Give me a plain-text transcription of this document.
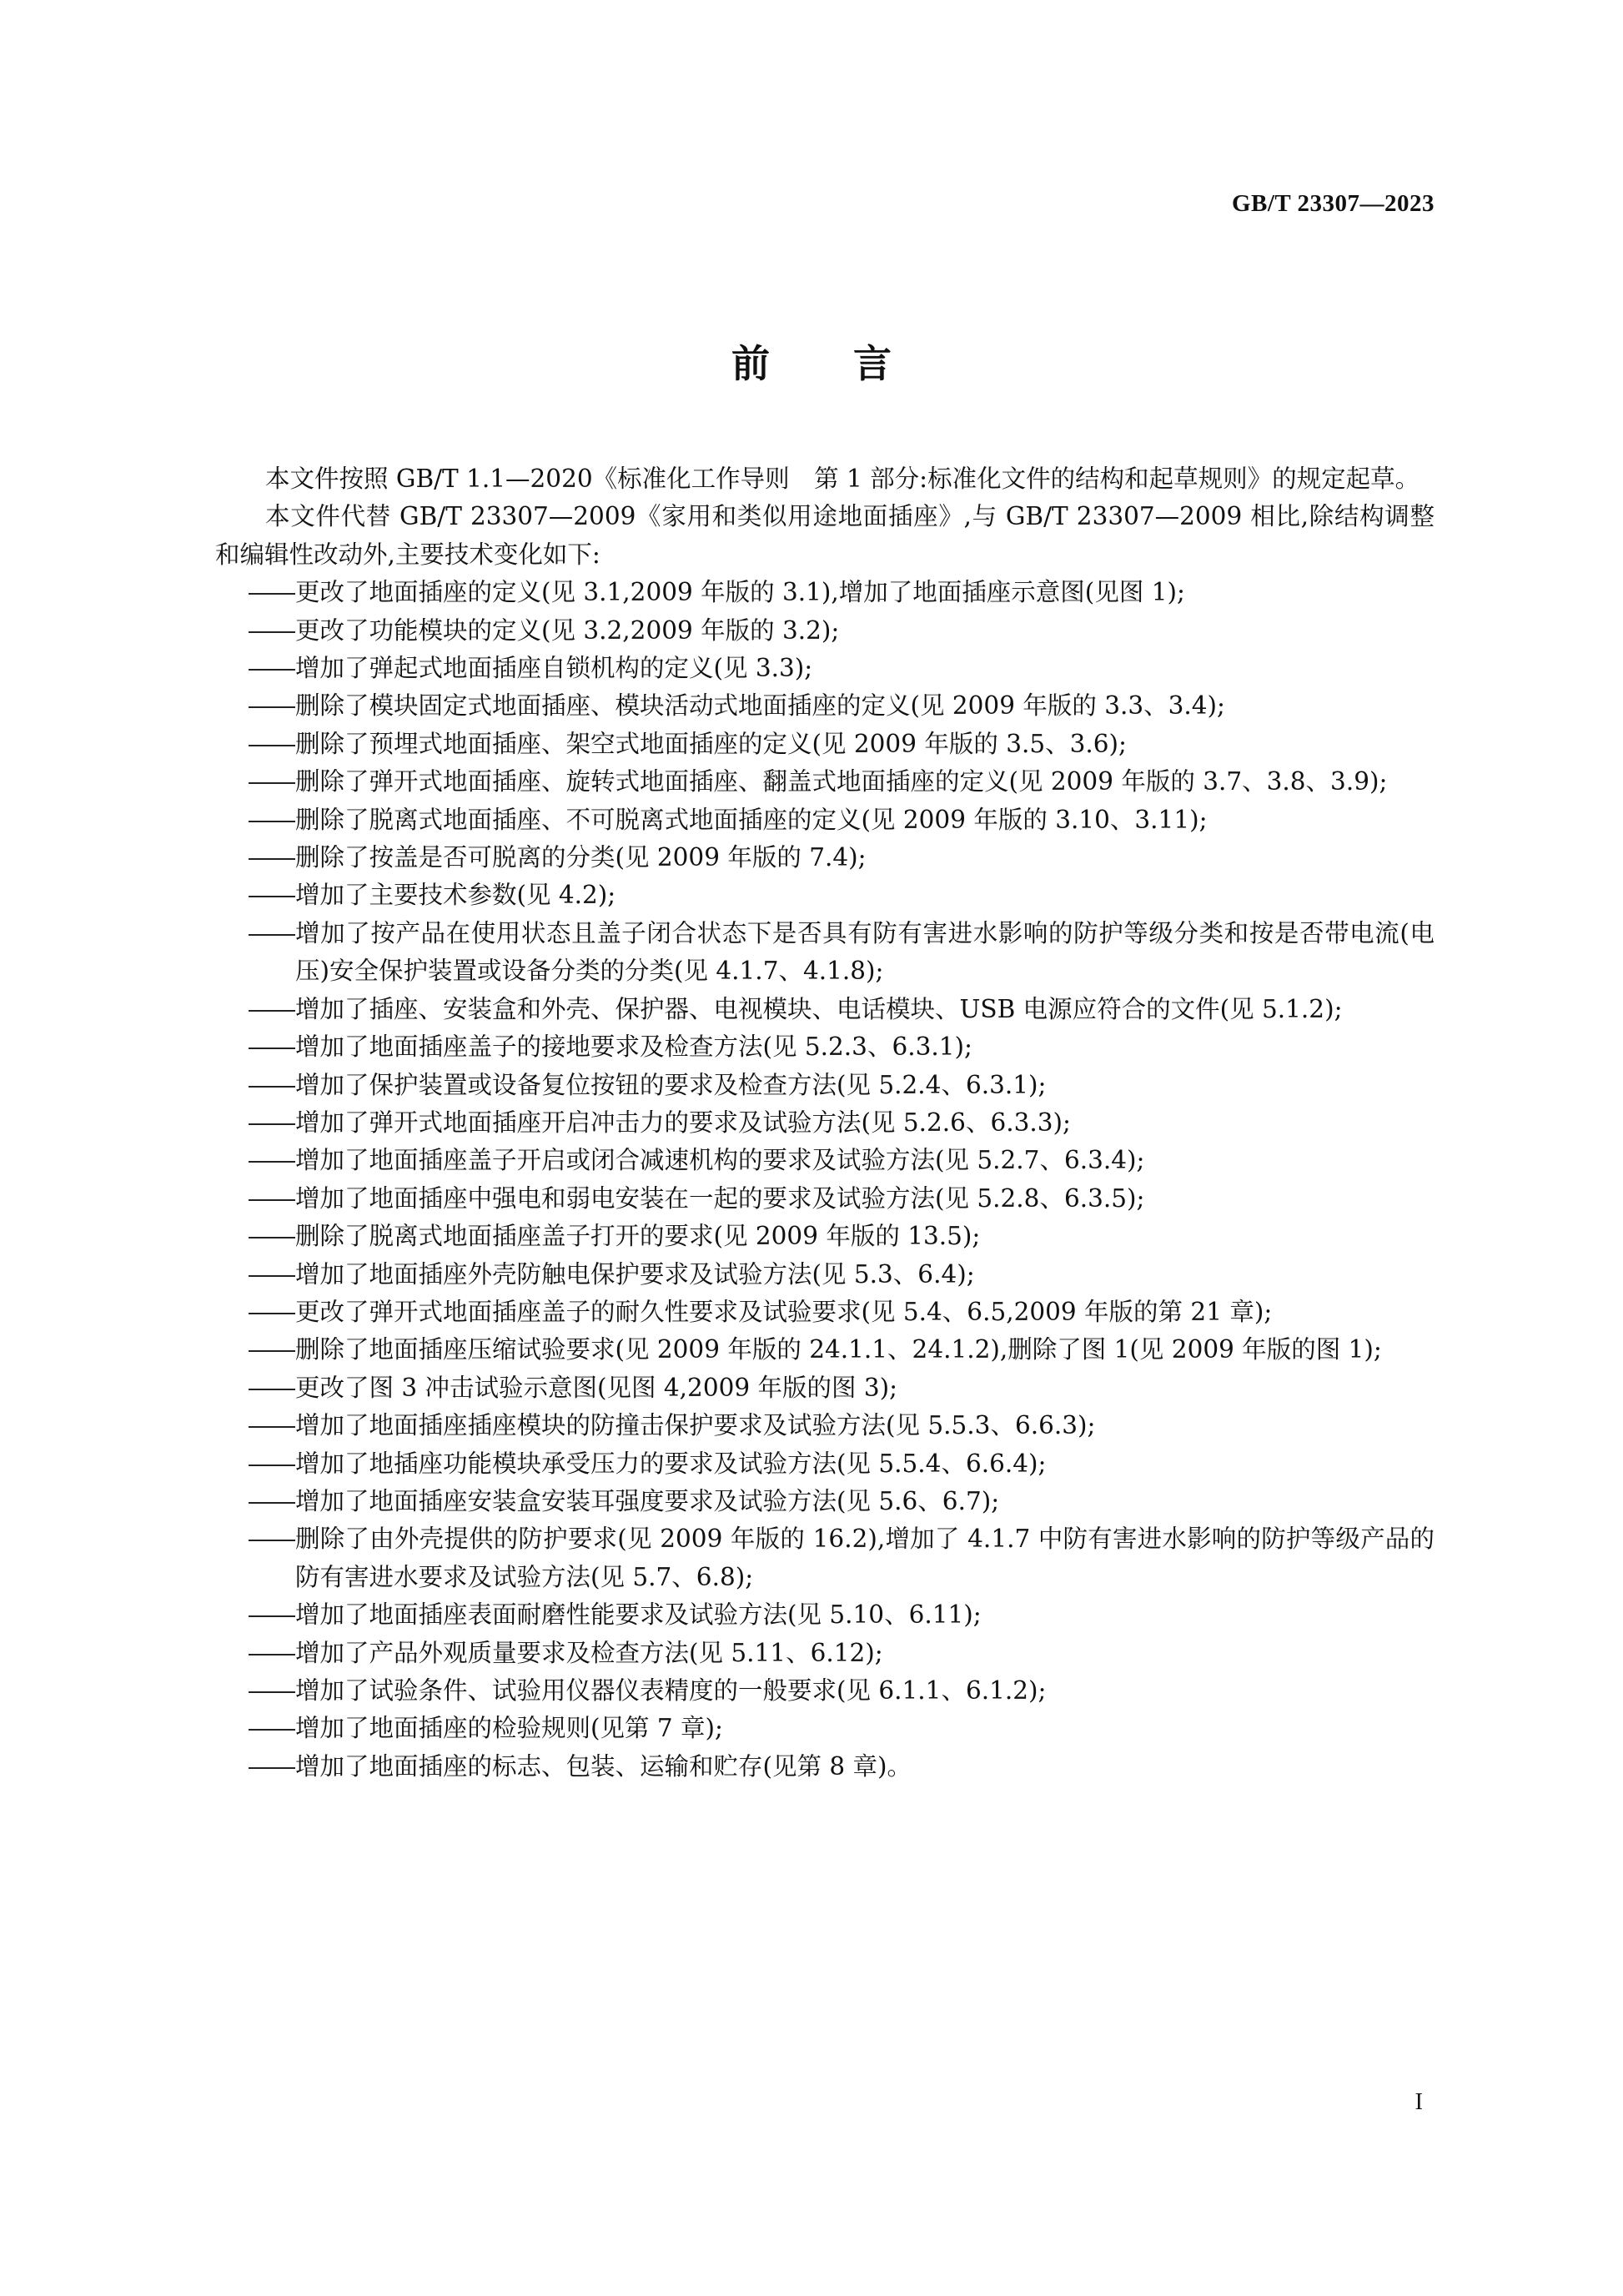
GB/T 23307—2023
前言

本文件按照 GB/T 1.1—2020《标准化工作导则　第 1 部分:标准化文件的结构和起草规则》的规定起草。

本文件代替 GB/T 23307—2009《家用和类似用途地面插座》,与 GB/T 23307—2009 相比,除结构调整和编辑性改动外,主要技术变化如下:

更改了地面插座的定义(见 3.1,2009 年版的 3.1),增加了地面插座示意图(见图 1);
更改了功能模块的定义(见 3.2,2009 年版的 3.2);
增加了弹起式地面插座自锁机构的定义(见 3.3);
删除了模块固定式地面插座、模块活动式地面插座的定义(见 2009 年版的 3.3、3.4);
删除了预埋式地面插座、架空式地面插座的定义(见 2009 年版的 3.5、3.6);
删除了弹开式地面插座、旋转式地面插座、翻盖式地面插座的定义(见 2009 年版的 3.7、3.8、3.9);
删除了脱离式地面插座、不可脱离式地面插座的定义(见 2009 年版的 3.10、3.11);
删除了按盖是否可脱离的分类(见 2009 年版的 7.4);
增加了主要技术参数(见 4.2);
增加了按产品在使用状态且盖子闭合状态下是否具有防有害进水影响的防护等级分类和按是否带电流(电压)安全保护装置或设备分类的分类(见 4.1.7、4.1.8);
增加了插座、安装盒和外壳、保护器、电视模块、电话模块、USB 电源应符合的文件(见 5.1.2);
增加了地面插座盖子的接地要求及检查方法(见 5.2.3、6.3.1);
增加了保护装置或设备复位按钮的要求及检查方法(见 5.2.4、6.3.1);
增加了弹开式地面插座开启冲击力的要求及试验方法(见 5.2.6、6.3.3);
增加了地面插座盖子开启或闭合减速机构的要求及试验方法(见 5.2.7、6.3.4);
增加了地面插座中强电和弱电安装在一起的要求及试验方法(见 5.2.8、6.3.5);
删除了脱离式地面插座盖子打开的要求(见 2009 年版的 13.5);
增加了地面插座外壳防触电保护要求及试验方法(见 5.3、6.4);
更改了弹开式地面插座盖子的耐久性要求及试验要求(见 5.4、6.5,2009 年版的第 21 章);
删除了地面插座压缩试验要求(见 2009 年版的 24.1.1、24.1.2),删除了图 1(见 2009 年版的图 1);
更改了图 3 冲击试验示意图(见图 4,2009 年版的图 3);
增加了地面插座插座模块的防撞击保护要求及试验方法(见 5.5.3、6.6.3);
增加了地插座功能模块承受压力的要求及试验方法(见 5.5.4、6.6.4);
增加了地面插座安装盒安装耳强度要求及试验方法(见 5.6、6.7);
删除了由外壳提供的防护要求(见 2009 年版的 16.2),增加了 4.1.7 中防有害进水影响的防护等级产品的防有害进水要求及试验方法(见 5.7、6.8);
增加了地面插座表面耐磨性能要求及试验方法(见 5.10、6.11);
增加了产品外观质量要求及检查方法(见 5.11、6.12);
增加了试验条件、试验用仪器仪表精度的一般要求(见 6.1.1、6.1.2);
增加了地面插座的检验规则(见第 7 章);
增加了地面插座的标志、包装、运输和贮存(见第 8 章)。
I
